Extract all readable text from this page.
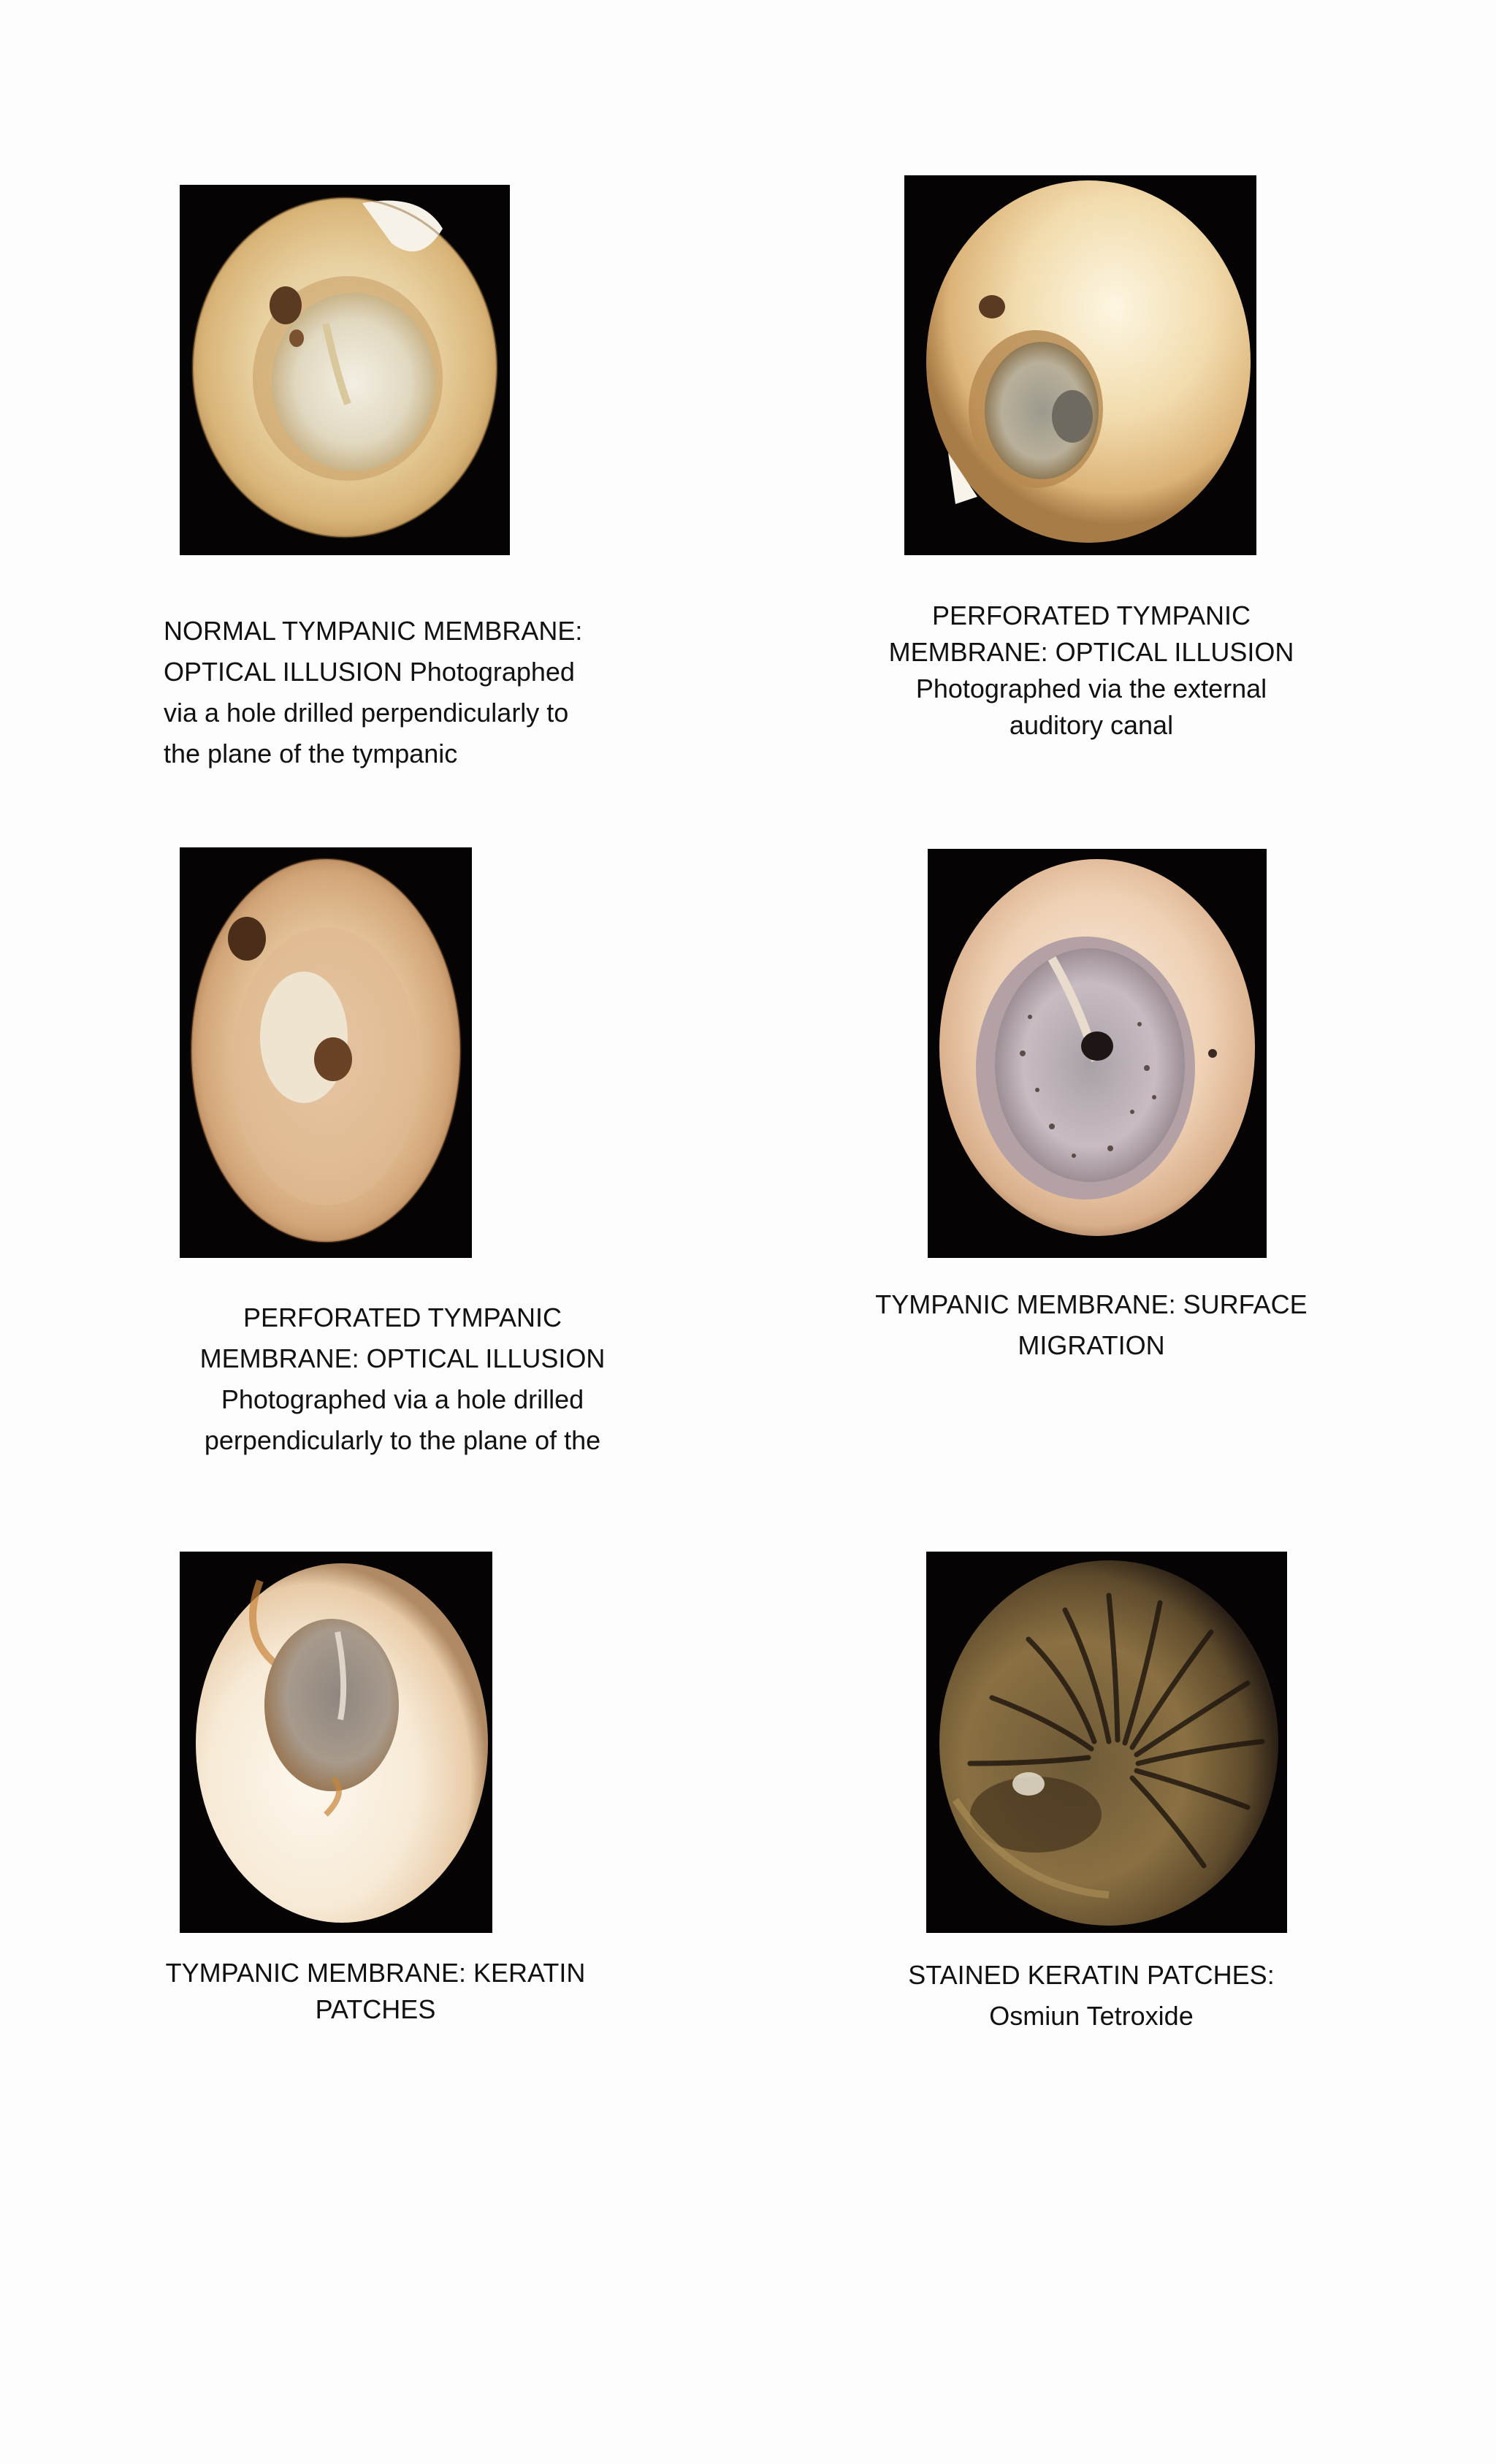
NORMAL TYMPANIC MEMBRANE:
OPTICAL ILLUSION Photographed
via a hole drilled perpendicularly to
the plane of the tympanic
PERFORATED TYMPANIC
MEMBRANE: OPTICAL ILLUSION
Photographed via the external
auditory canal
PERFORATED TYMPANIC
MEMBRANE: OPTICAL ILLUSION
Photographed via a hole drilled
perpendicularly to the plane of the
TYMPANIC MEMBRANE: SURFACE
MIGRATION
TYMPANIC MEMBRANE: KERATIN
PATCHES
STAINED KERATIN PATCHES:
Osmiun Tetroxide
